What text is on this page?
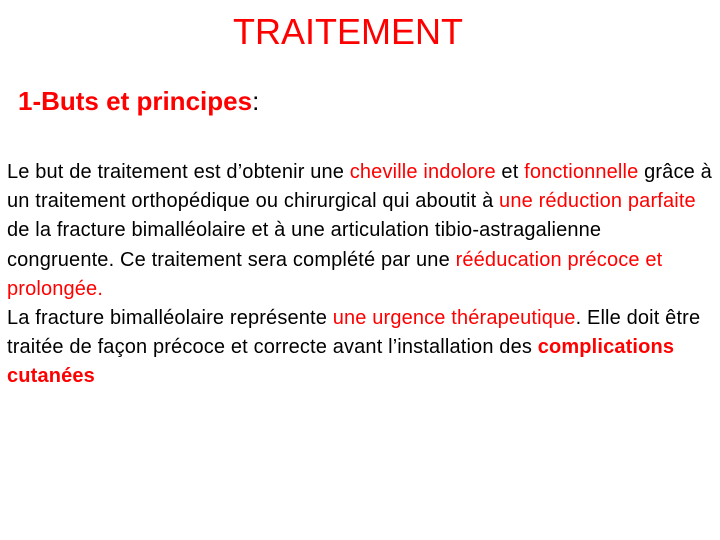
TRAITEMENT
1-Buts et principes:

Le but de traitement est d’obtenir une cheville indolore et fonctionnelle grâce à un traitement orthopédique ou chirurgical qui aboutit à une réduction parfaite de la fracture bimalléolaire et à une articulation tibio-astragalienne congruente. Ce traitement sera complété par une rééducation précoce et prolongée.

La fracture bimalléolaire représente une urgence thérapeutique. Elle doit être traitée de façon précoce et correcte avant l’installation des complications cutanées
